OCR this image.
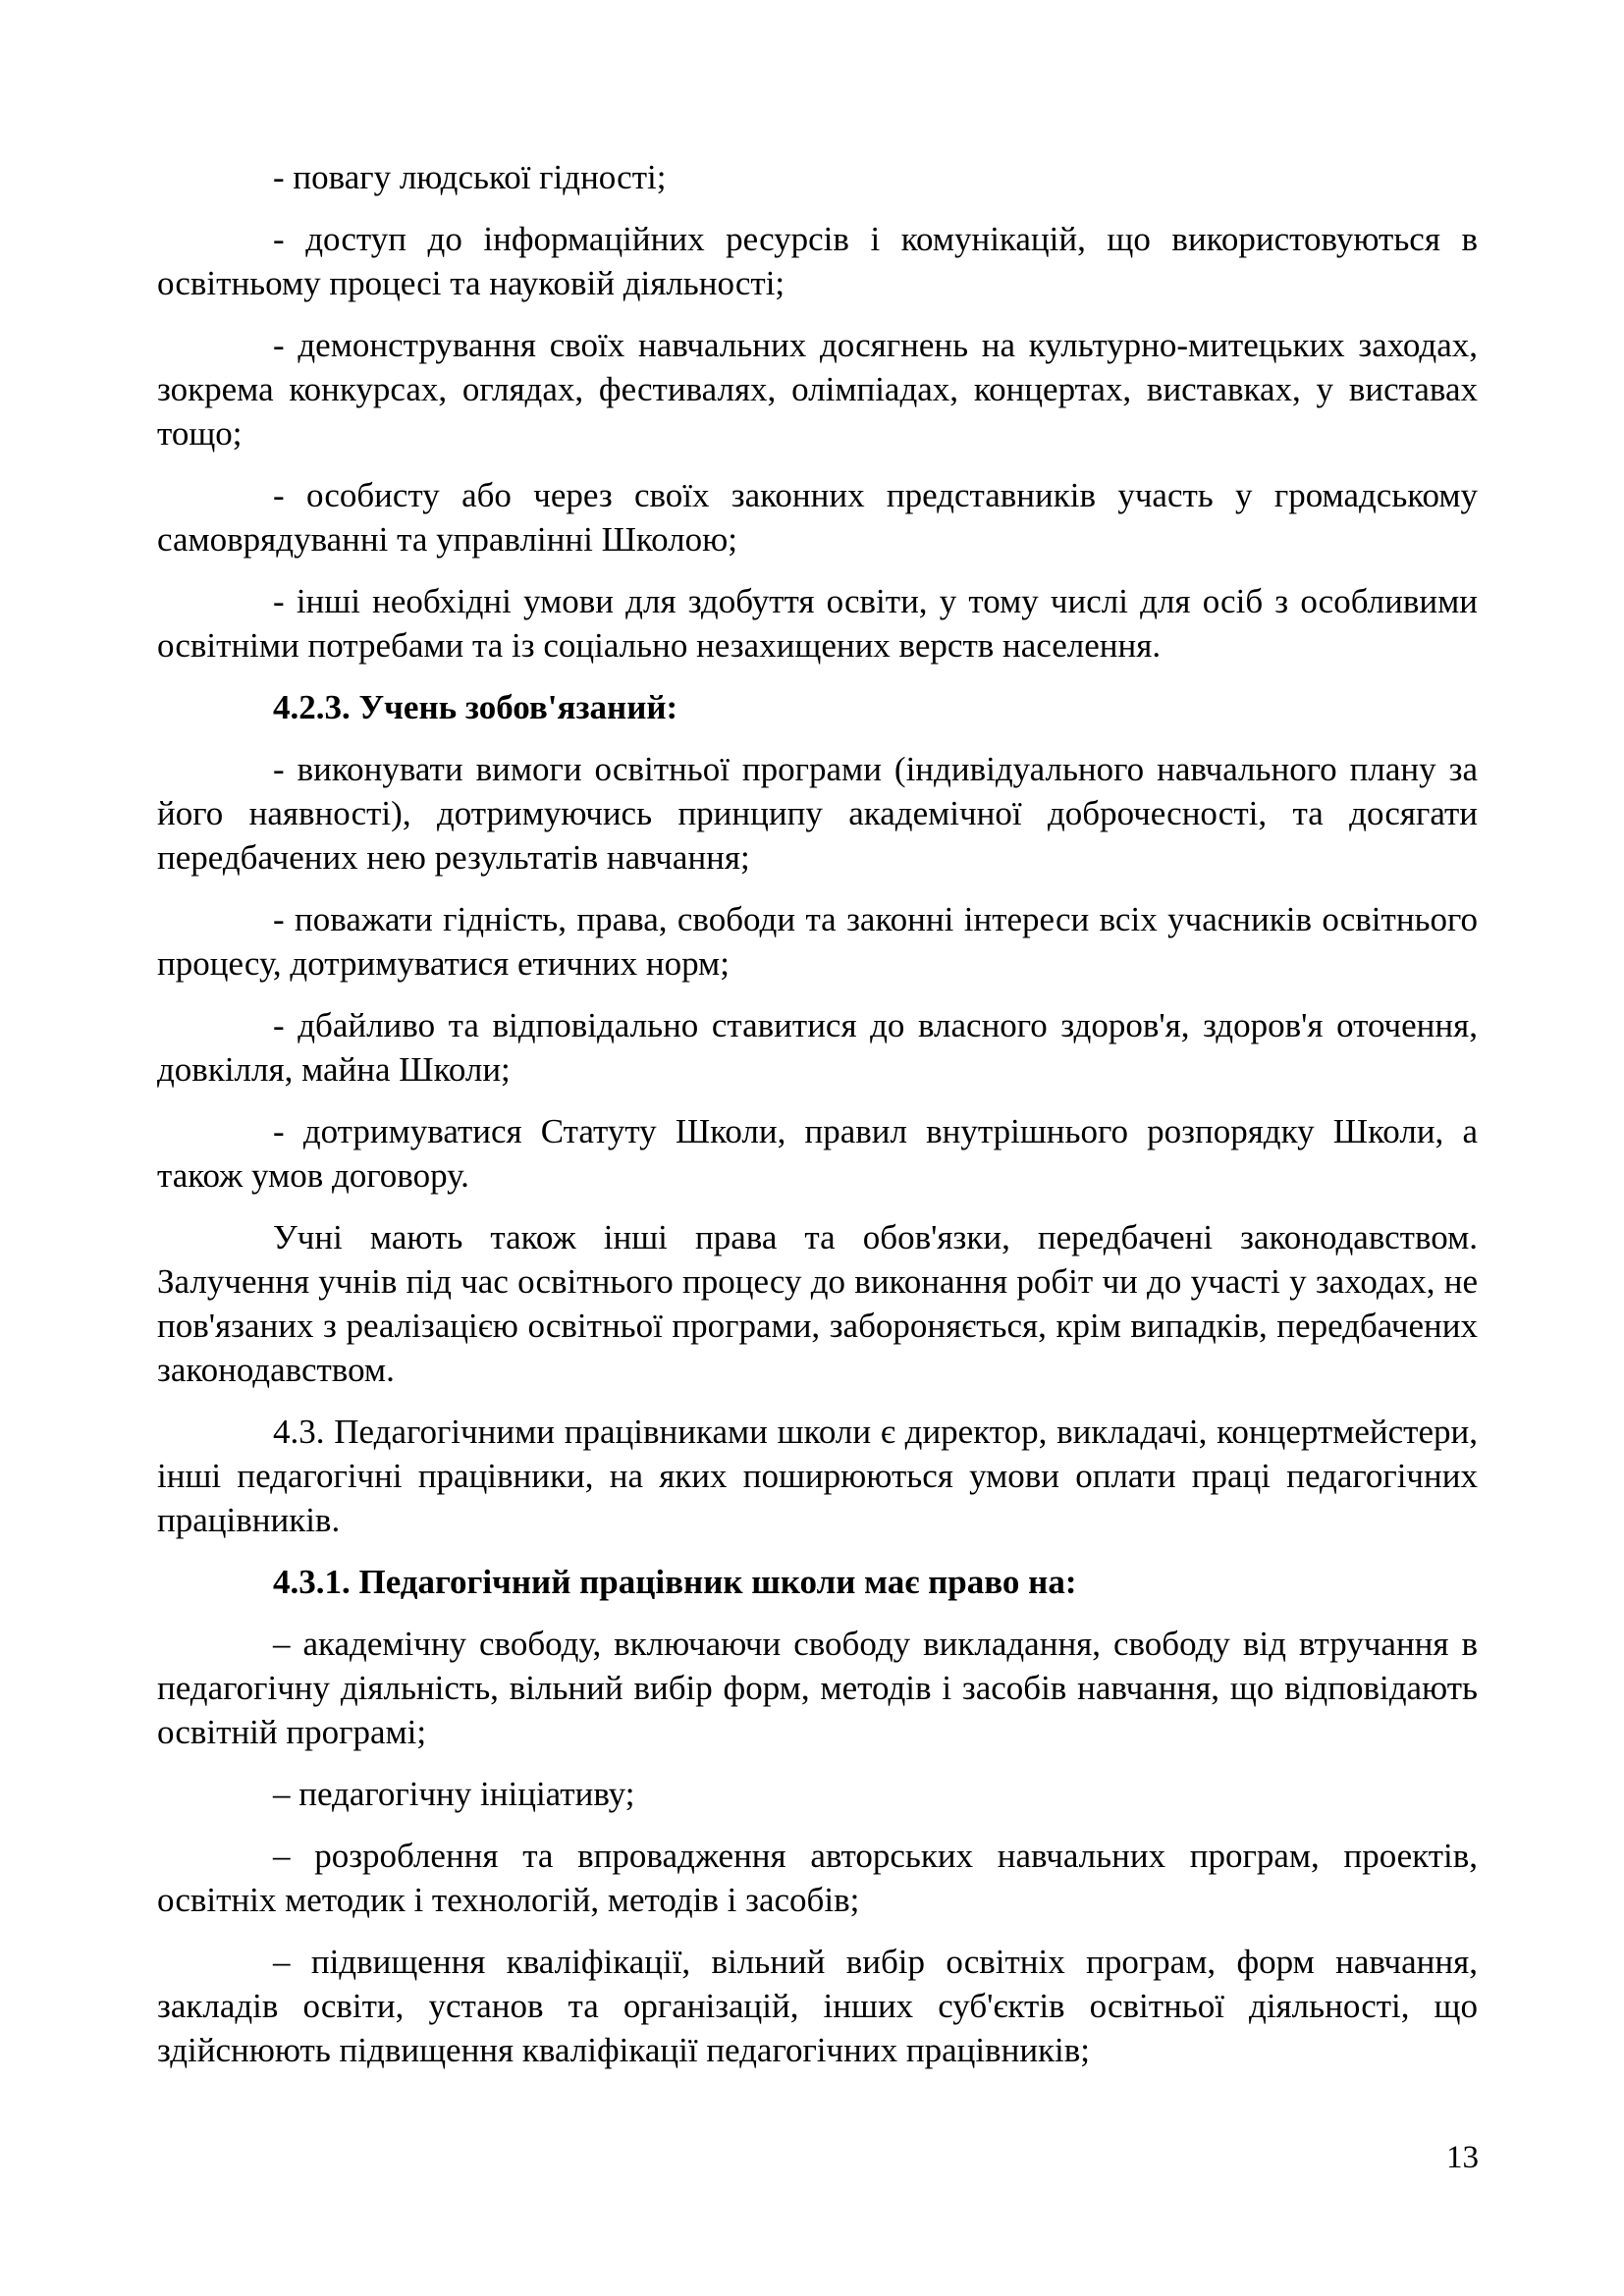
- повагу людської гідності;

- доступ до інформаційних ресурсів і комунікацій, що використовуються в освітньому процесі та науковій діяльності;

- демонстрування своїх навчальних досягнень на культурно-митецьких заходах, зокрема конкурсах, оглядах, фестивалях, олімпіадах, концертах, виставках, у виставах тощо;

- особисту або через своїх законних представників участь у громадському самоврядуванні та управлінні Школою;

- інші необхідні умови для здобуття освіти, у тому числі для осіб з особливими освітніми потребами та із соціально незахищених верств населення.

4.2.3. Учень зобов'язаний:

- виконувати вимоги освітньої програми (індивідуального навчального плану за його наявності), дотримуючись принципу академічної доброчесності, та досягати передбачених нею результатів навчання;

- поважати гідність, права, свободи та законні інтереси всіх учасників освітнього процесу, дотримуватися етичних норм;

- дбайливо та відповідально ставитися до власного здоров'я, здоров'я оточення, довкілля, майна Школи;

- дотримуватися Статуту Школи, правил внутрішнього розпорядку Школи, а також умов договору.

Учні мають також інші права та обов'язки, передбачені законодавством. Залучення учнів під час освітнього процесу до виконання робіт чи до участі у заходах, не пов'язаних з реалізацією освітньої програми, забороняється, крім випадків, передбачених законодавством.

4.3. Педагогічними працівниками школи є директор, викладачі, концертмейстери, інші педагогічні працівники, на яких поширюються умови оплати праці педагогічних працівників.

4.3.1. Педагогічний працівник школи має право на:

– академічну свободу, включаючи свободу викладання, свободу від втручання в педагогічну діяльність, вільний вибір форм, методів і засобів навчання, що відповідають освітній програмі;

– педагогічну ініціативу;

– розроблення та впровадження авторських навчальних програм, проектів, освітніх методик і технологій, методів і засобів;

– підвищення кваліфікації, вільний вибір освітніх програм, форм навчання, закладів освіти, установ та організацій, інших суб'єктів освітньої діяльності, що здійснюють підвищення кваліфікації педагогічних працівників;

13
